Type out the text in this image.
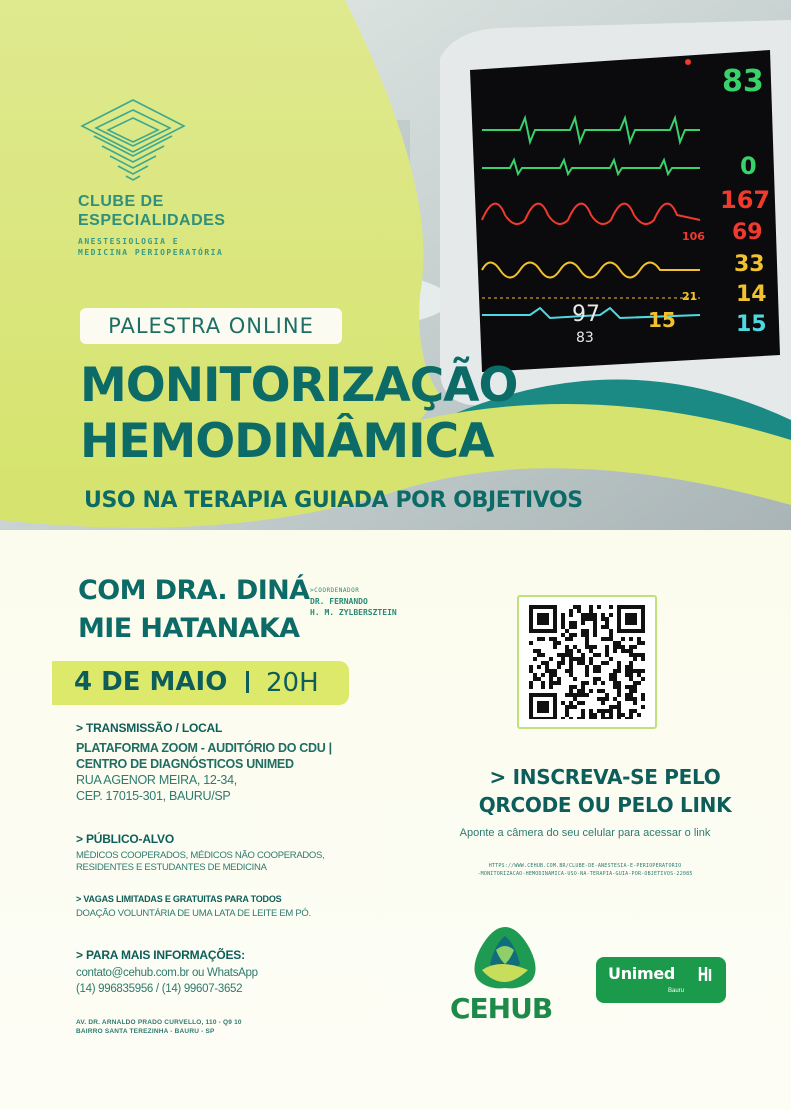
83
0
167
106 69
33
21 14
15
97
83
15
CLUBE DE
ESPECIALIDADES
ANESTESIOLOGIA E
MEDICINA PERIOPERATÓRIA
PALESTRA ONLINE
MONITORIZAÇÃO
HEMODINÂMICA
USO NA TERAPIA GUIADA POR OBJETIVOS
COM DRA. DINÁ
MIE HATANAKA
>COORDENADOR
DR. FERNANDO
H. M. ZYLBERSZTEIN
4 DE MAIO 20H
> TRANSMISSÃO / LOCAL
PLATAFORMA ZOOM - AUDITÓRIO DO CDU |
CENTRO DE DIAGNÓSTICOS UNIMED
RUA AGENOR MEIRA, 12-34,
CEP. 17015-301, BAURU/SP
> PÚBLICO-ALVO
MÉDICOS COOPERADOS, MÉDICOS NÃO COOPERADOS,
RESIDENTES E ESTUDANTES DE MEDICINA
> VAGAS LIMITADAS E GRATUITAS PARA TODOS
DOAÇÃO VOLUNTÁRIA DE UMA LATA DE LEITE EM PÓ.
> PARA MAIS INFORMAÇÕES:
contato@cehub.com.br ou WhatsApp
(14) 996835956 / (14) 99607-3652
AV. DR. ARNALDO PRADO CURVELLO, 110 - Q9 10
BAIRRO SANTA TEREZINHA - BAURU - SP
> INSCREVA-SE PELO
QRCODE OU PELO LINK
Aponte a câmera do seu celular para acessar o link
HTTPS://WWW.CEHUB.COM.BR/CLUBE-DE-ANESTESIA-E-PERIOPERATORIO
-MONITORIZACAO-HEMODINAMICA-USO-NA-TERAPIA-GUIA-POR-OBJETIVOS-22085
CEHUB
Unimed
Bauru
